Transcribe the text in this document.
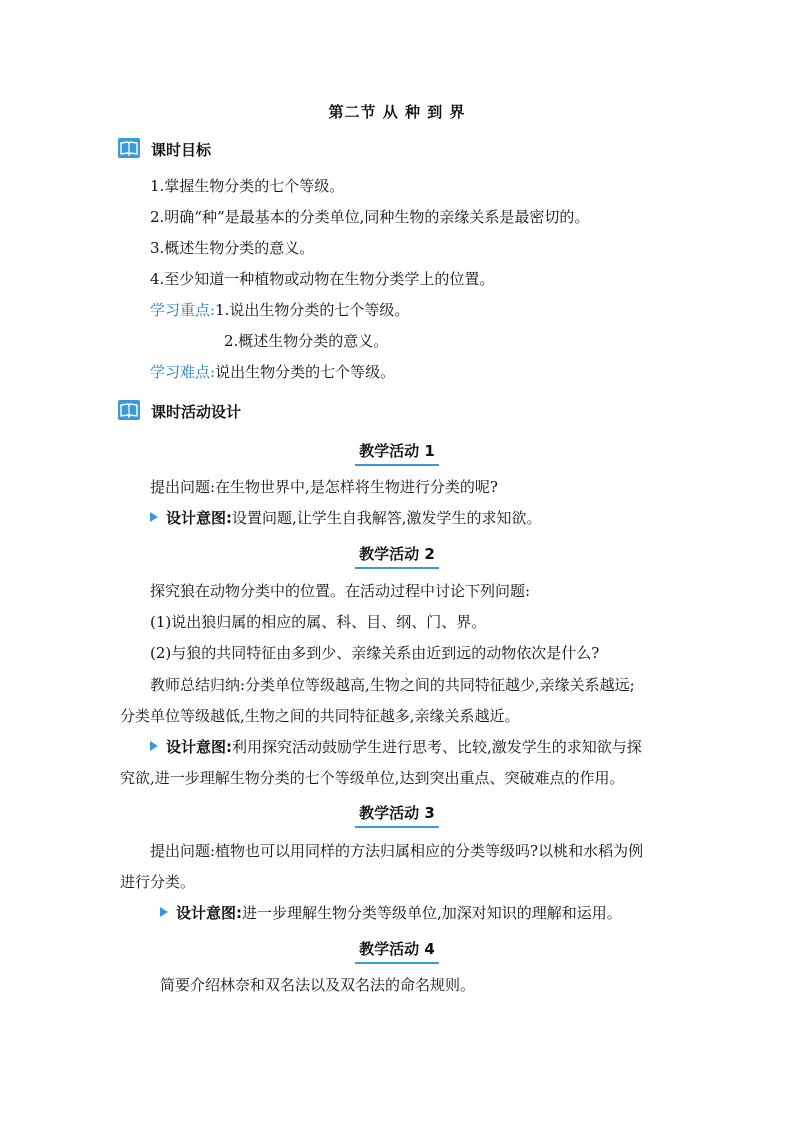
第二节 从 种 到 界
课时目标
1.掌握生物分类的七个等级。
2.明确“种”是最基本的分类单位,同种生物的亲缘关系是最密切的。
3.概述生物分类的意义。
4.至少知道一种植物或动物在生物分类学上的位置。
学习重点:1.说出生物分类的七个等级。
2.概述生物分类的意义。
学习难点:说出生物分类的七个等级。
课时活动设计
教学活动 1
提出问题:在生物世界中,是怎样将生物进行分类的呢?
设计意图:设置问题,让学生自我解答,激发学生的求知欲。
教学活动 2
探究狼在动物分类中的位置。在活动过程中讨论下列问题:
(1)说出狼归属的相应的属、科、目、纲、门、界。
(2)与狼的共同特征由多到少、亲缘关系由近到远的动物依次是什么?
教师总结归纳:分类单位等级越高,生物之间的共同特征越少,亲缘关系越远;
分类单位等级越低,生物之间的共同特征越多,亲缘关系越近。
设计意图:利用探究活动鼓励学生进行思考、比较,激发学生的求知欲与探
究欲,进一步理解生物分类的七个等级单位,达到突出重点、突破难点的作用。
教学活动 3
提出问题:植物也可以用同样的方法归属相应的分类等级吗?以桃和水稻为例
进行分类。
设计意图:进一步理解生物分类等级单位,加深对知识的理解和运用。
教学活动 4
简要介绍林奈和双名法以及双名法的命名规则。
